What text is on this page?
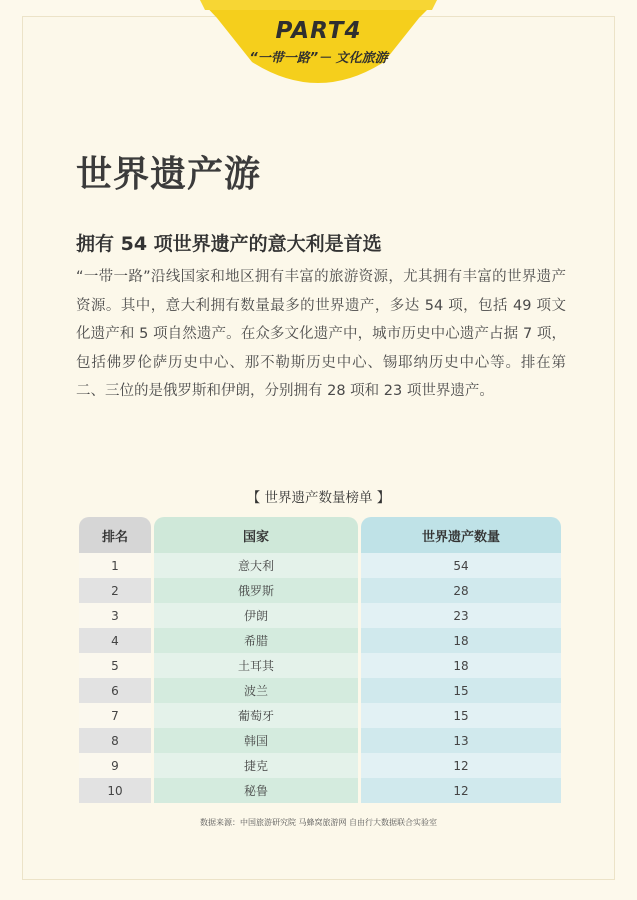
PART4
“一带一路”－ 文化旅游
世界遗产游
拥有 54 项世界遗产的意大利是首选
“一带一路”沿线国家和地区拥有丰富的旅游资源，尤其拥有丰富的世界遗产资源。其中，意大利拥有数量最多的世界遗产，多达 54 项，包括 49 项文化遗产和 5 项自然遗产。在众多文化遗产中，城市历史中心遗产占据 7 项，包括佛罗伦萨历史中心、那不勒斯历史中心、锡耶纳历史中心等。排在第二、三位的是俄罗斯和伊朗，分别拥有 28 项和 23 项世界遗产。
【 世界遗产数量榜单 】
排名	国家	世界遗产数量
1	意大利	54
2	俄罗斯	28
3	伊朗	23
4	希腊	18
5	土耳其	18
6	波兰	15
7	葡萄牙	15
8	韩国	13
9	捷克	12
10	秘鲁	12
数据来源：中国旅游研究院 马蜂窝旅游网 自由行大数据联合实验室
